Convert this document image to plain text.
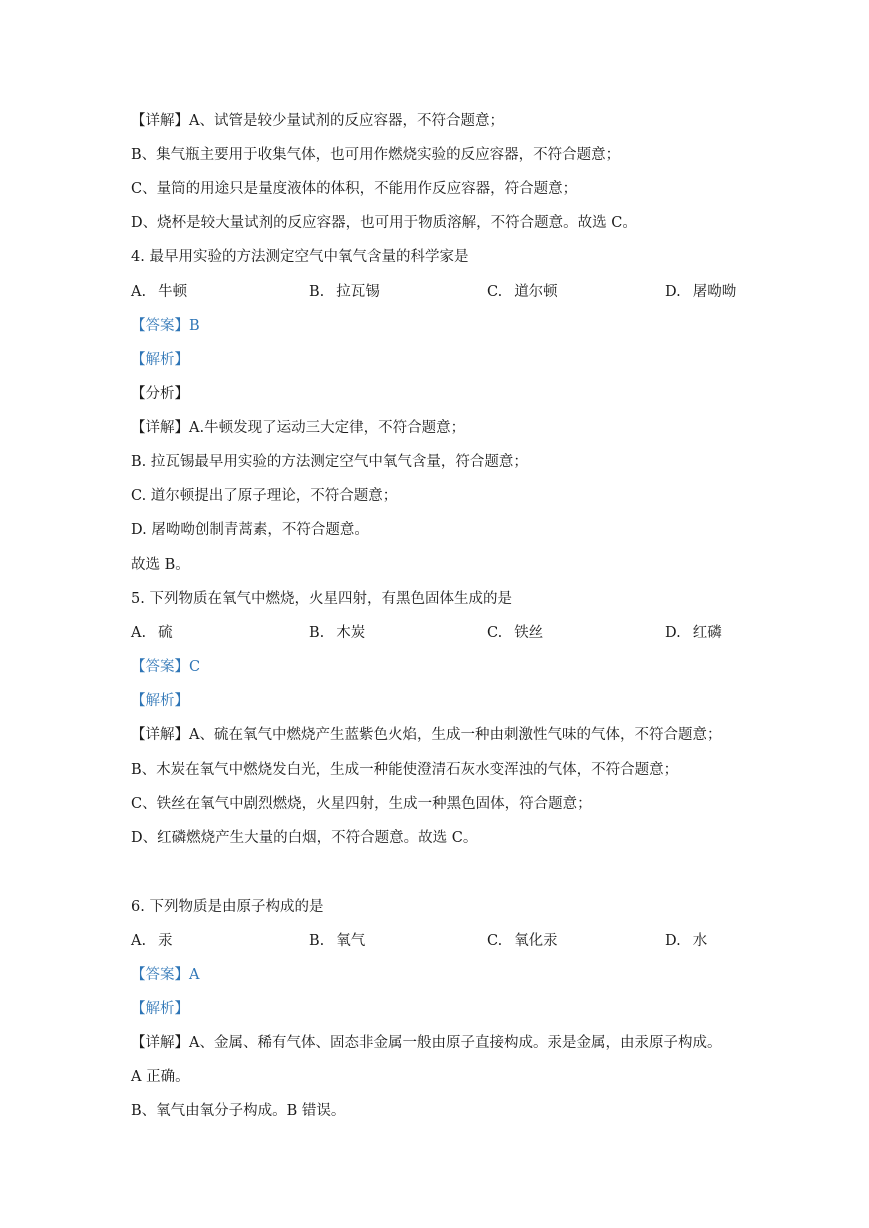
【详解】A、试管是较少量试剂的反应容器，不符合题意；
B、集气瓶主要用于收集气体，也可用作燃烧实验的反应容器，不符合题意；
C、量筒的用途只是量度液体的体积，不能用作反应容器，符合题意；
D、烧杯是较大量试剂的反应容器，也可用于物质溶解，不符合题意。故选 C。
4. 最早用实验的方法测定空气中氧气含量的科学家是
A. 牛顿	B. 拉瓦锡	C. 道尔顿	D. 屠呦呦
【答案】B
【解析】
【分析】
【详解】A.牛顿发现了运动三大定律，不符合题意；
B. 拉瓦锡最早用实验的方法测定空气中氧气含量，符合题意；
C. 道尔顿提出了原子理论，不符合题意；
D. 屠呦呦创制青蒿素，不符合题意。
故选 B。
5. 下列物质在氧气中燃烧，火星四射，有黑色固体生成的是
A. 硫	B. 木炭	C. 铁丝	D. 红磷
【答案】C
【解析】
【详解】A、硫在氧气中燃烧产生蓝紫色火焰，生成一种由刺激性气味的气体，不符合题意；
B、木炭在氧气中燃烧发白光，生成一种能使澄清石灰水变浑浊的气体，不符合题意；
C、铁丝在氧气中剧烈燃烧，火星四射，生成一种黑色固体，符合题意；
D、红磷燃烧产生大量的白烟，不符合题意。故选 C。
6. 下列物质是由原子构成的是
A. 汞	B. 氧气	C. 氧化汞	D. 水
【答案】A
【解析】
【详解】A、金属、稀有气体、固态非金属一般由原子直接构成。汞是金属，由汞原子构成。
A 正确。
B、氧气由氧分子构成。B 错误。
